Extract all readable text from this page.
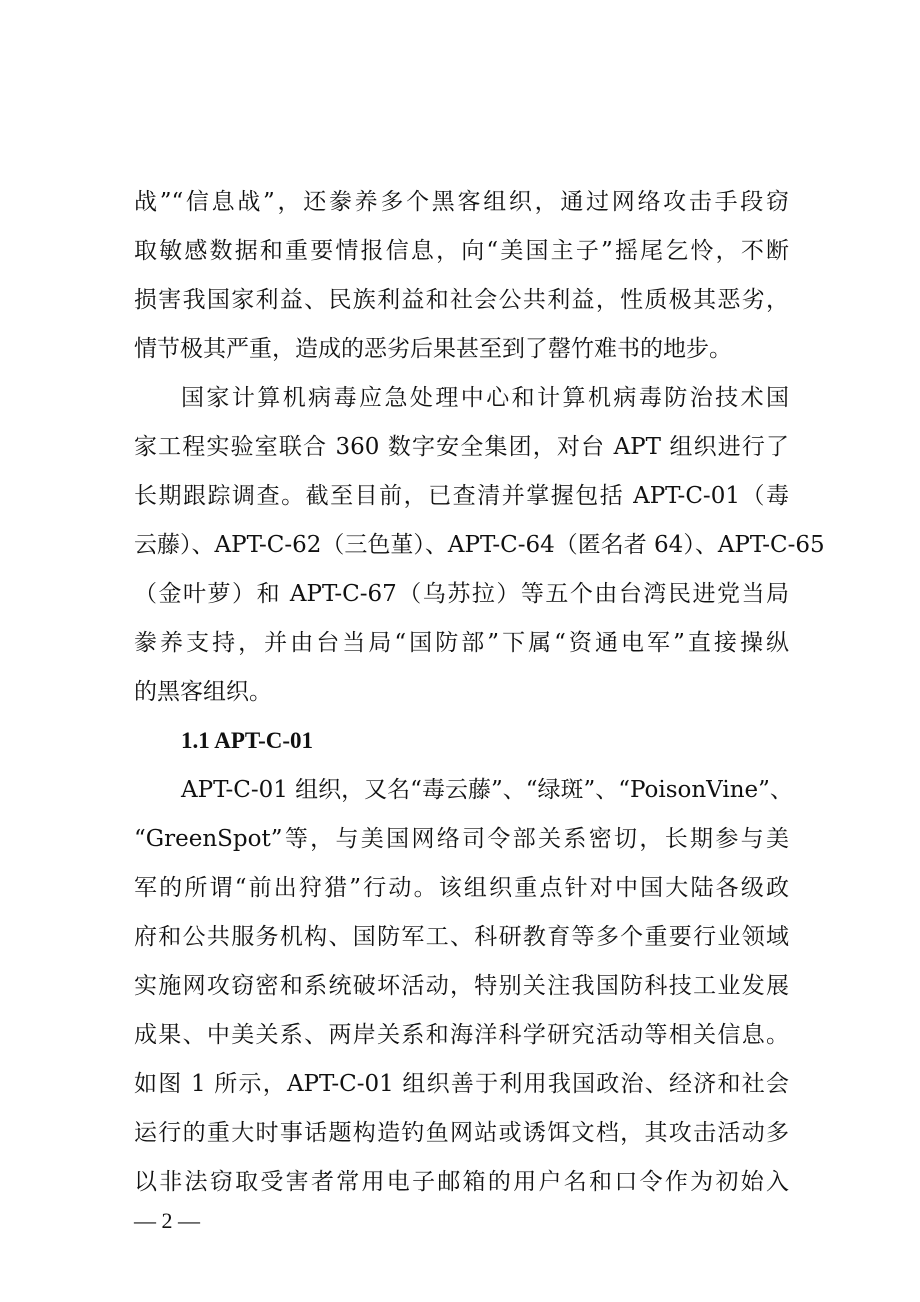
战”“信息战”，还豢养多个黑客组织，通过网络攻击手段窃
取敏感数据和重要情报信息，向“美国主子”摇尾乞怜，不断
损害我国家利益、民族利益和社会公共利益，性质极其恶劣，
情节极其严重，造成的恶劣后果甚至到了罄竹难书的地步。
国家计算机病毒应急处理中心和计算机病毒防治技术国
家工程实验室联合 360 数字安全集团，对台 APT 组织进行了
长期跟踪调查。截至目前，已查清并掌握包括 APT-C-01（毒
云藤）、APT-C-62（三色堇）、APT-C-64（匿名者 64）、APT-C-65
（金叶萝）和 APT-C-67（乌苏拉）等五个由台湾民进党当局
豢养支持，并由台当局“国防部”下属“资通电军”直接操纵
的黑客组织。
1.1 APT-C-01
APT-C-01 组织，又名“毒云藤”、“绿斑”、“PoisonVine”、
“GreenSpot”等，与美国网络司令部关系密切，长期参与美
军的所谓“前出狩猎”行动。该组织重点针对中国大陆各级政
府和公共服务机构、国防军工、科研教育等多个重要行业领域
实施网攻窃密和系统破坏活动，特别关注我国防科技工业发展
成果、中美关系、两岸关系和海洋科学研究活动等相关信息。
如图 1 所示，APT-C-01 组织善于利用我国政治、经济和社会
运行的重大时事话题构造钓鱼网站或诱饵文档，其攻击活动多
以非法窃取受害者常用电子邮箱的用户名和口令作为初始入
— 2 —
